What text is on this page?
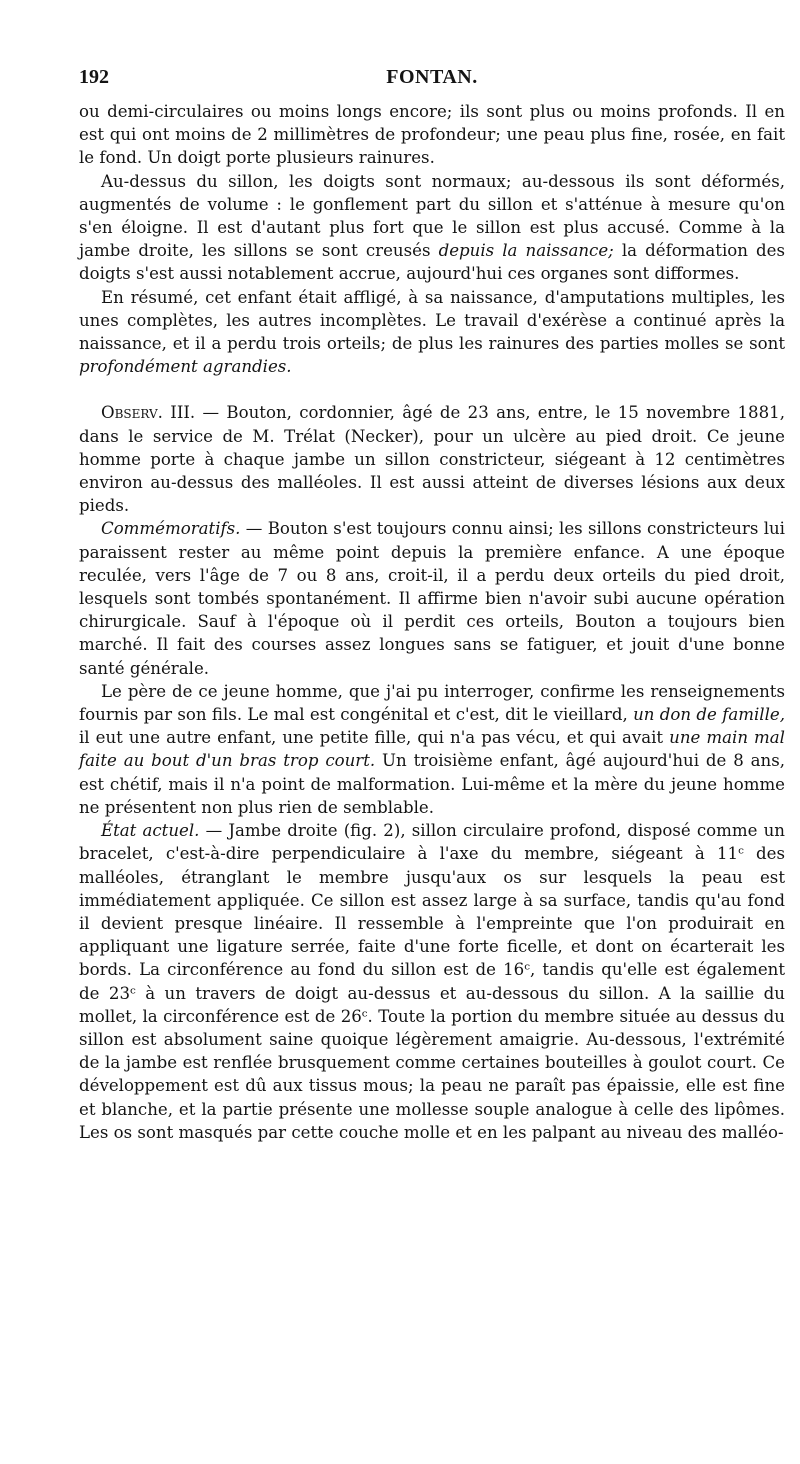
192	FONTAN.

ou demi-circulaires ou moins longs encore; ils sont plus ou moins profonds. Il en est qui ont moins de 2 millimètres de profondeur; une peau plus fine, rosée, en fait le fond. Un doigt porte plusieurs rainures.

Au-dessus du sillon, les doigts sont normaux; au-dessous ils sont déformés, augmentés de volume : le gonflement part du sillon et s'atténue à mesure qu'on s'en éloigne. Il est d'autant plus fort que le sillon est plus accusé. Comme à la jambe droite, les sillons se sont creusés depuis la naissance; la déformation des doigts s'est aussi notablement accrue, aujourd'hui ces organes sont difformes.

En résumé, cet enfant était affligé, à sa naissance, d'amputations multiples, les unes complètes, les autres incomplètes. Le travail d'exérèse a continué après la naissance, et il a perdu trois orteils; de plus les rainures des parties molles se sont profondément agrandies.

Observ. III. — Bouton, cordonnier, âgé de 23 ans, entre, le 15 novembre 1881, dans le service de M. Trélat (Necker), pour un ulcère au pied droit. Ce jeune homme porte à chaque jambe un sillon constricteur, siégeant à 12 centimètres environ au-dessus des malléoles. Il est aussi atteint de diverses lésions aux deux pieds.

Commémoratifs. — Bouton s'est toujours connu ainsi; les sillons constricteurs lui paraissent rester au même point depuis la première enfance. A une époque reculée, vers l'âge de 7 ou 8 ans, croit-il, il a perdu deux orteils du pied droit, lesquels sont tombés spontanément. Il affirme bien n'avoir subi aucune opération chirurgicale. Sauf à l'époque où il perdit ces orteils, Bouton a toujours bien marché. Il fait des courses assez longues sans se fatiguer, et jouit d'une bonne santé générale.

Le père de ce jeune homme, que j'ai pu interroger, confirme les renseignements fournis par son fils. Le mal est congénital et c'est, dit le vieillard, un don de famille, il eut une autre enfant, une petite fille, qui n'a pas vécu, et qui avait une main mal faite au bout d'un bras trop court. Un troisième enfant, âgé aujourd'hui de 8 ans, est chétif, mais il n'a point de malformation. Lui-même et la mère du jeune homme ne présentent non plus rien de semblable.

État actuel. — Jambe droite (fig. 2), sillon circulaire profond, disposé comme un bracelet, c'est-à-dire perpendiculaire à l'axe du membre, siégeant à 11ᶜ des malléoles, étranglant le membre jusqu'aux os sur lesquels la peau est immédiatement appliquée. Ce sillon est assez large à sa surface, tandis qu'au fond il devient presque linéaire. Il ressemble à l'empreinte que l'on produirait en appliquant une ligature serrée, faite d'une forte ficelle, et dont on écarterait les bords. La circonférence au fond du sillon est de 16ᶜ, tandis qu'elle est également de 23ᶜ à un travers de doigt au-dessus et au-dessous du sillon. A la saillie du mollet, la circonférence est de 26ᶜ. Toute la portion du membre située au dessus du sillon est absolument saine quoique légèrement amaigrie. Au-dessous, l'extrémité de la jambe est renflée brusquement comme certaines bouteilles à goulot court. Ce développement est dû aux tissus mous; la peau ne paraît pas épaissie, elle est fine et blanche, et la partie présente une mollesse souple analogue à celle des lipômes. Les os sont masqués par cette couche molle et en les palpant au niveau des malléo-
